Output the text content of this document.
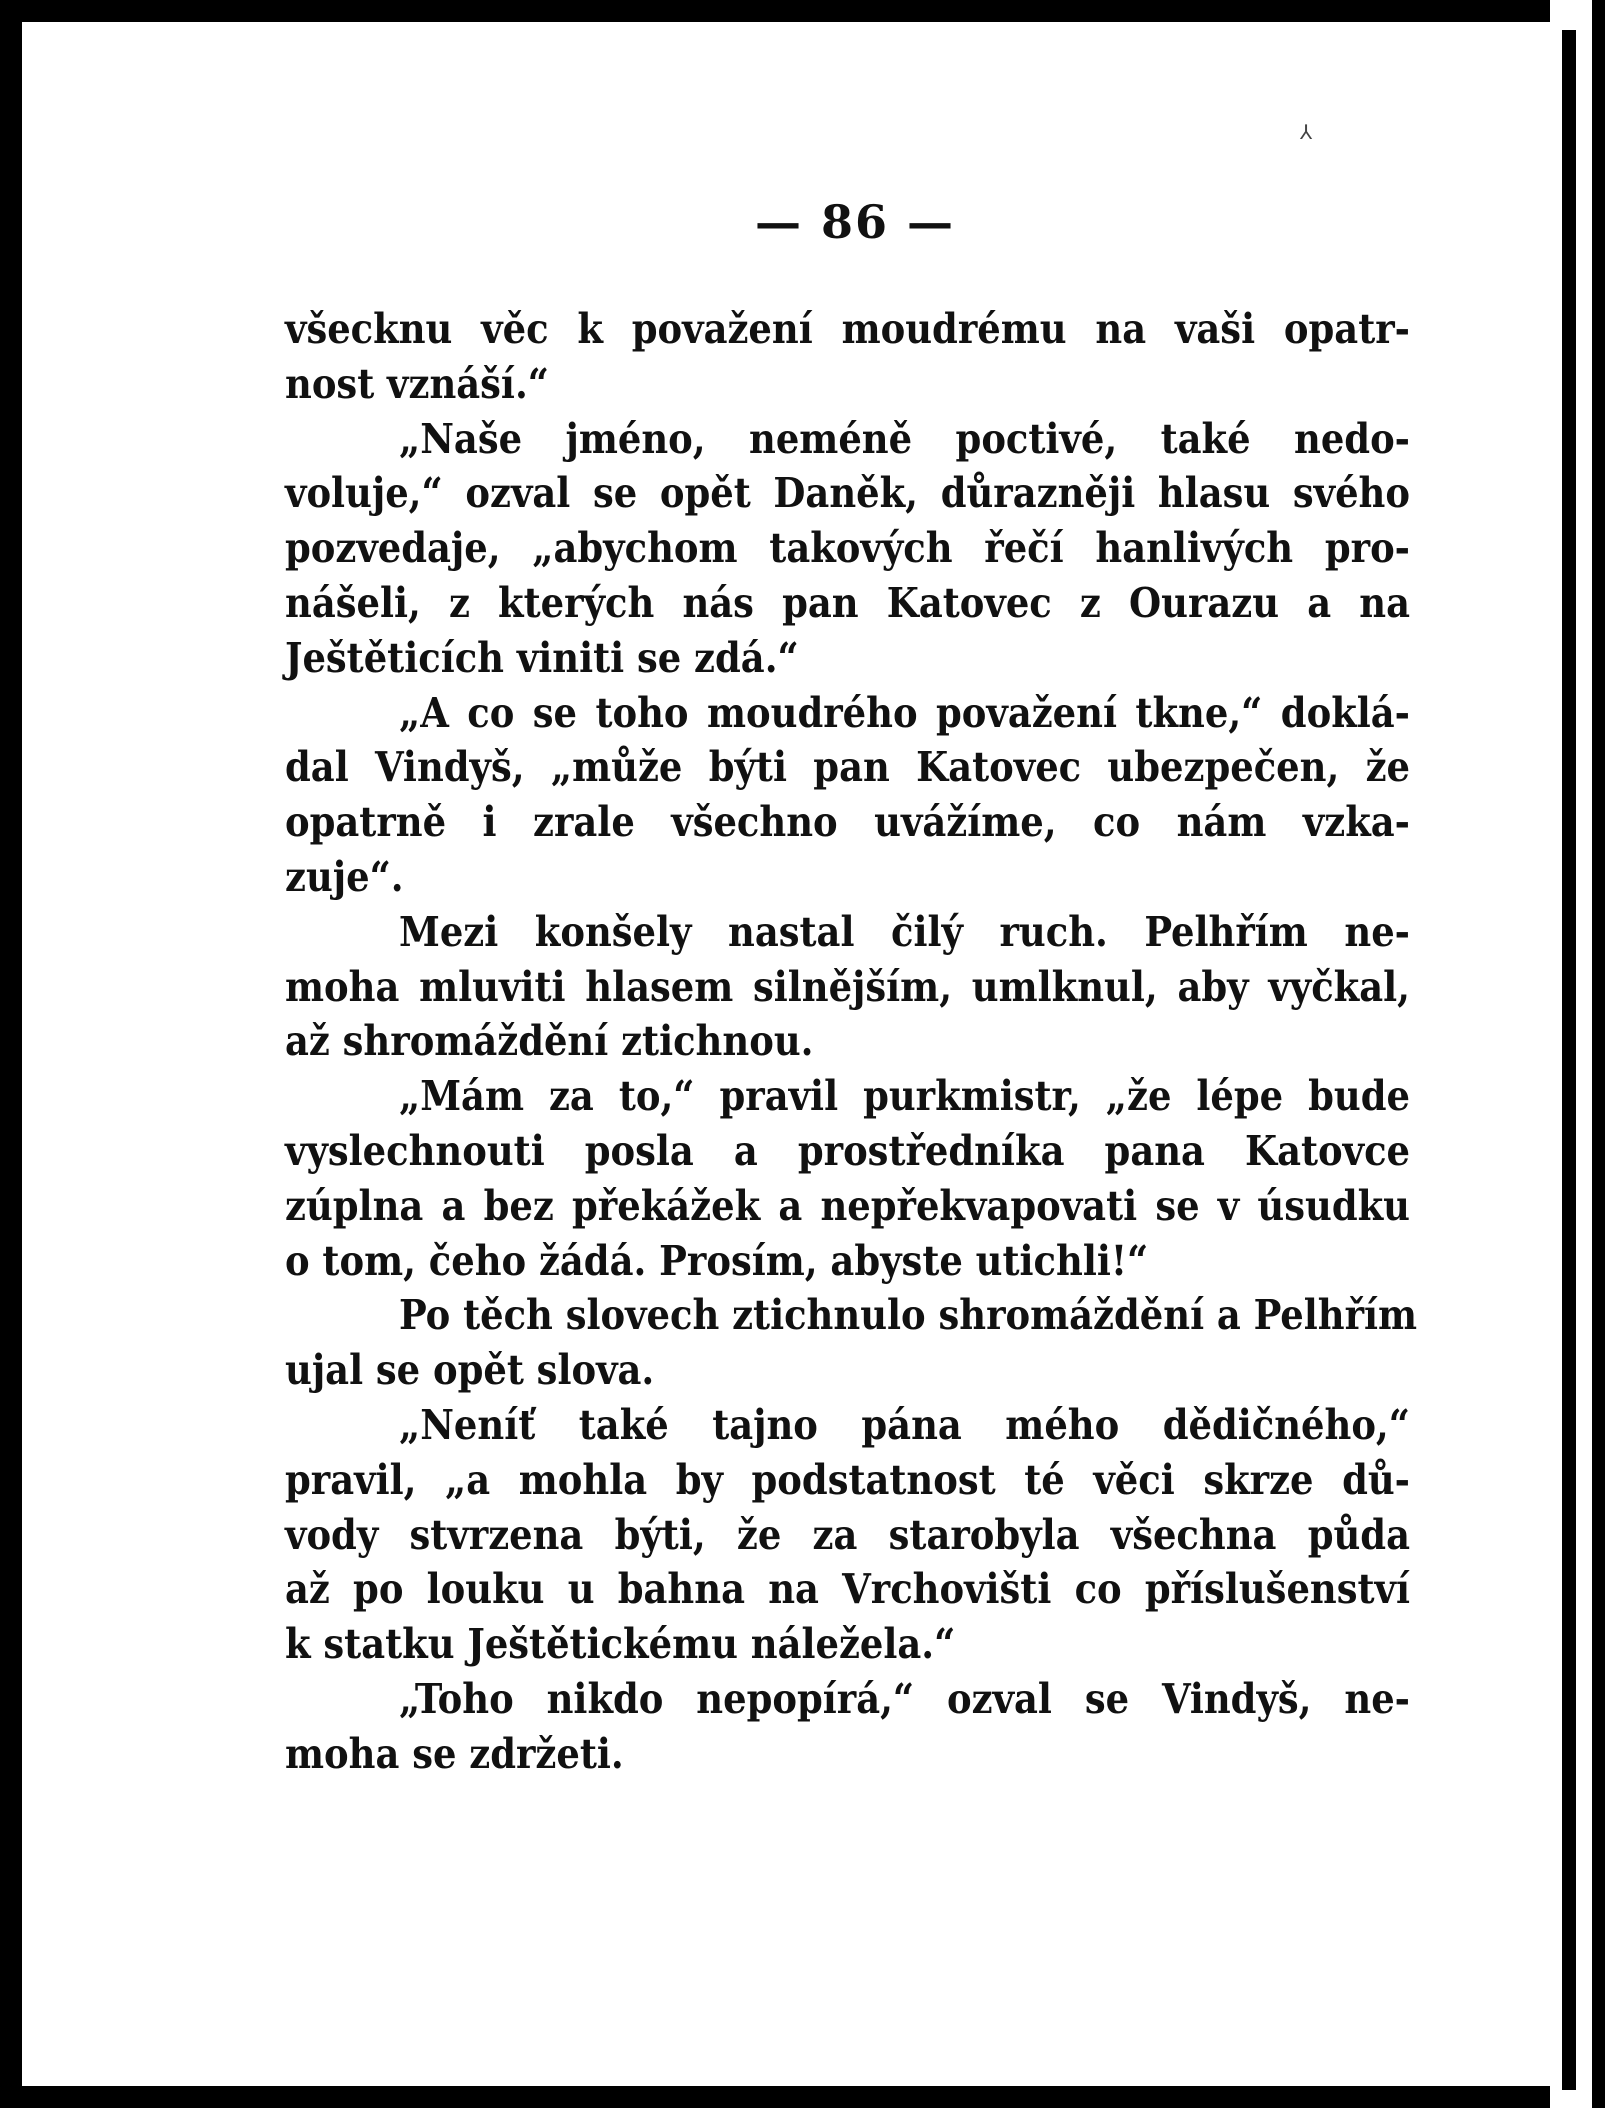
⅄
— 86 —
všecknu věc k považení moudrému na vaši opatr-
nost vznáší.“
„Naše jméno, neméně poctivé, také nedo-
voluje,“ ozval se opět Daněk, důrazněji hlasu svého
pozvedaje, „abychom takových řečí hanlivých pro-
nášeli, z kterých nás pan Katovec z Ourazu a na
Ještěticích viniti se zdá.“
„A co se toho moudrého považení tkne,“ doklá-
dal Vindyš, „může býti pan Katovec ubezpečen, že
opatrně i zrale všechno uvážíme, co nám vzka-
zuje“.
Mezi konšely nastal čilý ruch. Pelhřím ne-
moha mluviti hlasem silnějším, umlknul, aby vyčkal,
až shromáždění ztichnou.
„Mám za to,“ pravil purkmistr, „že lépe bude
vyslechnouti posla a prostředníka pana Katovce
zúplna a bez překážek a nepřekvapovati se v úsudku
o tom, čeho žádá. Prosím, abyste utichli!“
Po těch slovech ztichnulo shromáždění a Pelhřím
ujal se opět slova.
„Neníť také tajno pána mého dědičného,“
pravil, „a mohla by podstatnost té věci skrze dů-
vody stvrzena býti, že za starobyla všechna půda
až po louku u bahna na Vrchovišti co příslušenství
k statku Ještětickému náležela.“
„Toho nikdo nepopírá,“ ozval se Vindyš, ne-
moha se zdržeti.
